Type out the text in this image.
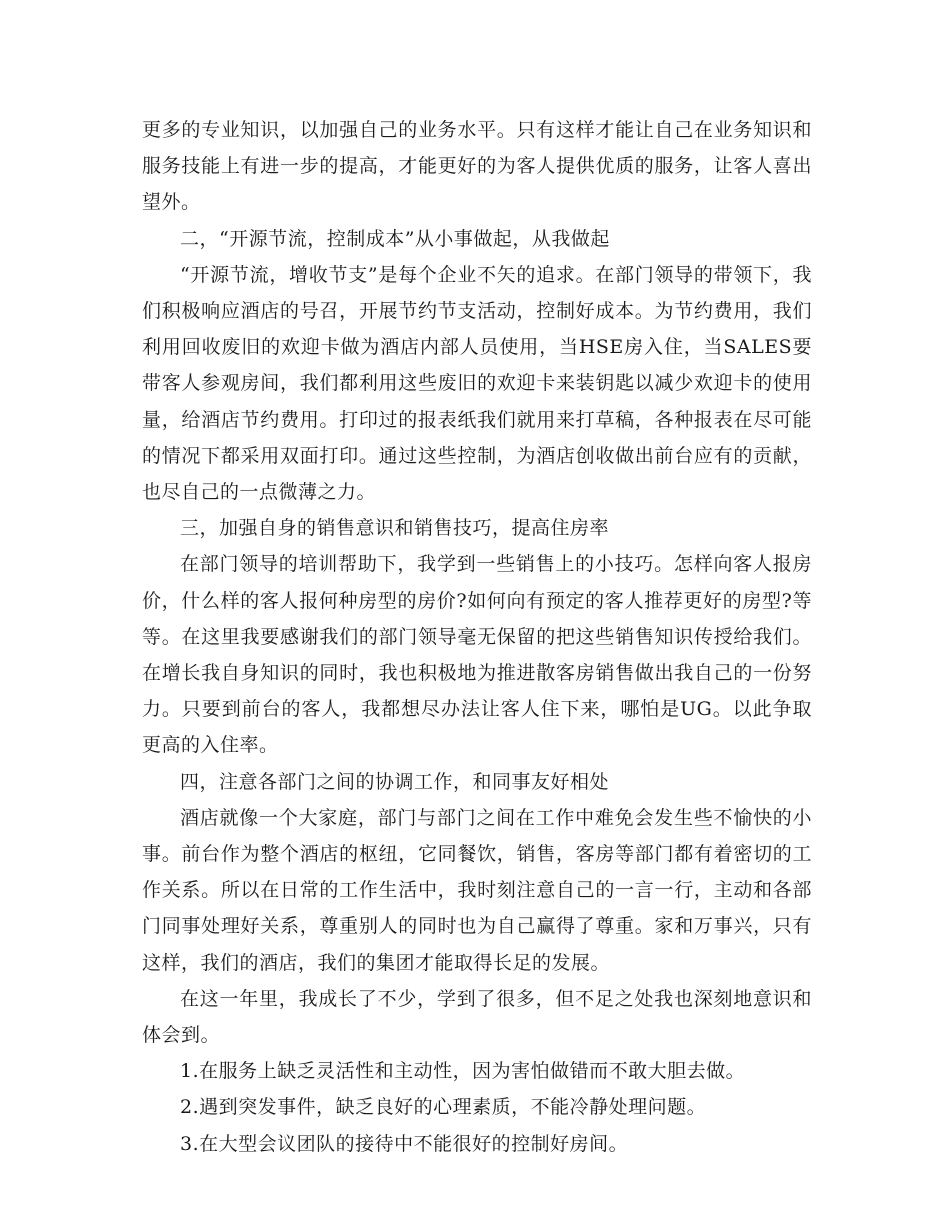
更多的专业知识，以加强自己的业务水平。只有这样才能让自己在业务知识和服务技能上有进一步的提高，才能更好的为客人提供优质的服务，让客人喜出望外。

二，“开源节流，控制成本”从小事做起，从我做起

“开源节流，增收节支”是每个企业不矢的追求。在部门领导的带领下，我们积极响应酒店的号召，开展节约节支活动，控制好成本。为节约费用，我们利用回收废旧的欢迎卡做为酒店内部人员使用，当HSE房入住，当SALES要带客人参观房间，我们都利用这些废旧的欢迎卡来装钥匙以减少欢迎卡的使用量，给酒店节约费用。打印过的报表纸我们就用来打草稿，各种报表在尽可能的情况下都采用双面打印。通过这些控制，为酒店创收做出前台应有的贡献，也尽自己的一点微薄之力。

三，加强自身的销售意识和销售技巧，提高住房率

在部门领导的培训帮助下，我学到一些销售上的小技巧。怎样向客人报房价，什么样的客人报何种房型的房价?如何向有预定的客人推荐更好的房型?等等。在这里我要感谢我们的部门领导毫无保留的把这些销售知识传授给我们。在增长我自身知识的同时，我也积极地为推进散客房销售做出我自己的一份努力。只要到前台的客人，我都想尽办法让客人住下来，哪怕是UG。以此争取更高的入住率。

四，注意各部门之间的协调工作，和同事友好相处

酒店就像一个大家庭，部门与部门之间在工作中难免会发生些不愉快的小事。前台作为整个酒店的枢纽，它同餐饮，销售，客房等部门都有着密切的工作关系。所以在日常的工作生活中，我时刻注意自己的一言一行，主动和各部门同事处理好关系，尊重别人的同时也为自己赢得了尊重。家和万事兴，只有这样，我们的酒店，我们的集团才能取得长足的发展。

在这一年里，我成长了不少，学到了很多，但不足之处我也深刻地意识和体会到。

1.在服务上缺乏灵活性和主动性，因为害怕做错而不敢大胆去做。

2.遇到突发事件，缺乏良好的心理素质，不能冷静处理问题。

3.在大型会议团队的接待中不能很好的控制好房间。
